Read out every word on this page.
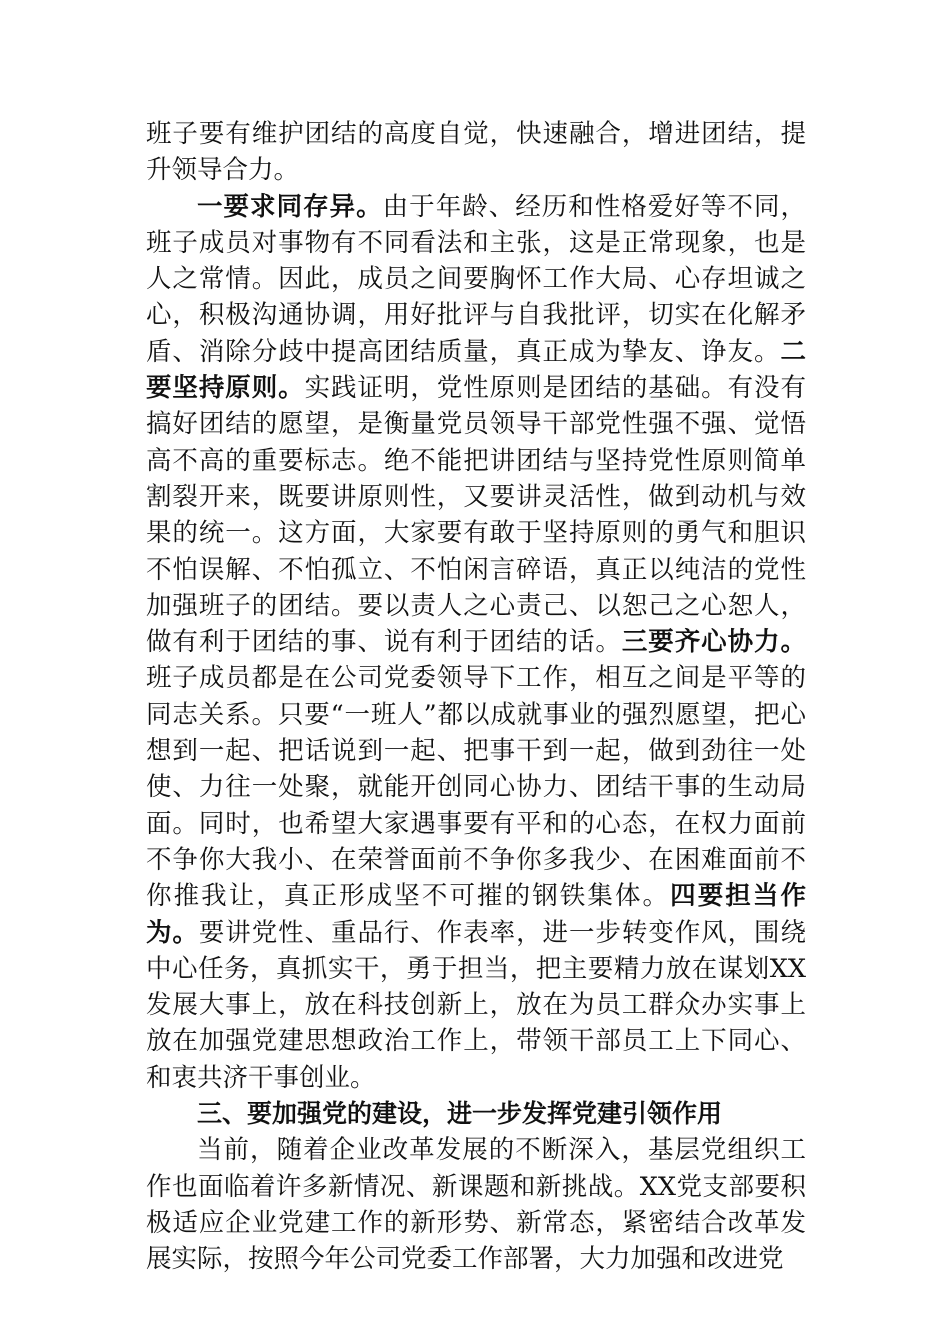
班子要有维护团结的高度自觉，快速融合，增进团结，提升领导合力。

一要求同存异。由于年龄、经历和性格爱好等不同，班子成员对事物有不同看法和主张，这是正常现象，也是人之常情。因此，成员之间要胸怀工作大局、心存坦诚之心，积极沟通协调，用好批评与自我批评，切实在化解矛盾、消除分歧中提高团结质量，真正成为挚友、诤友。二要坚持原则。实践证明，党性原则是团结的基础。有没有搞好团结的愿望，是衡量党员领导干部党性强不强、觉悟高不高的重要标志。绝不能把讲团结与坚持党性原则简单割裂开来，既要讲原则性，又要讲灵活性，做到动机与效果的统一。这方面，大家要有敢于坚持原则的勇气和胆识不怕误解、不怕孤立、不怕闲言碎语，真正以纯洁的党性加强班子的团结。要以责人之心责己、以恕己之心恕人，做有利于团结的事、说有利于团结的话。三要齐心协力。班子成员都是在公司党委领导下工作，相互之间是平等的同志关系。只要“一班人”都以成就事业的强烈愿望，把心想到一起、把话说到一起、把事干到一起，做到劲往一处使、力往一处聚，就能开创同心协力、团结干事的生动局面。同时，也希望大家遇事要有平和的心态，在权力面前不争你大我小、在荣誉面前不争你多我少、在困难面前不你推我让，真正形成坚不可摧的钢铁集体。四要担当作为。要讲党性、重品行、作表率，进一步转变作风，围绕中心任务，真抓实干，勇于担当，把主要精力放在谋划XX发展大事上，放在科技创新上，放在为员工群众办实事上放在加强党建思想政治工作上，带领干部员工上下同心、和衷共济干事创业。

三、要加强党的建设，进一步发挥党建引领作用

当前，随着企业改革发展的不断深入，基层党组织工作也面临着许多新情况、新课题和新挑战。XX党支部要积极适应企业党建工作的新形势、新常态，紧密结合改革发展实际，按照今年公司党委工作部署，大力加强和改进党
